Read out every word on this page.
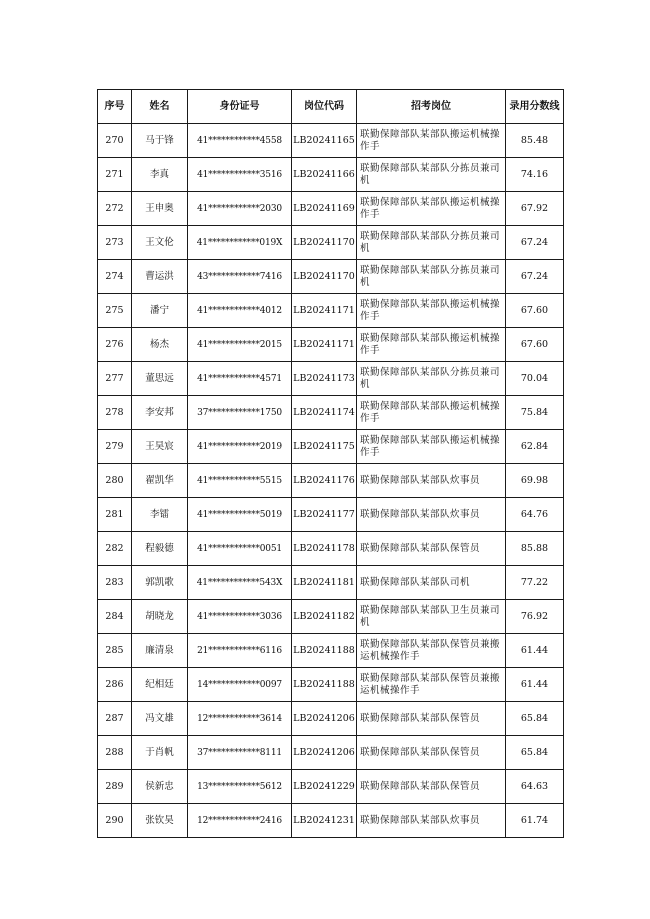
序号	姓名	身份证号	岗位代码	招考岗位	录用分数线
270	马于锋	41************4558	LB20241165	联勤保障部队某部队搬运机械操作手	85.48
271	李真	41************3516	LB20241166	联勤保障部队某部队分拣员兼司机	74.16
272	王申奥	41************2030	LB20241169	联勤保障部队某部队搬运机械操作手	67.92
273	王文伦	41************019X	LB20241170	联勤保障部队某部队分拣员兼司机	67.24
274	曹运洪	43************7416	LB20241170	联勤保障部队某部队分拣员兼司机	67.24
275	潘宁	41************4012	LB20241171	联勤保障部队某部队搬运机械操作手	67.60
276	杨杰	41************2015	LB20241171	联勤保障部队某部队搬运机械操作手	67.60
277	董思远	41************4571	LB20241173	联勤保障部队某部队分拣员兼司机	70.04
278	李安邦	37************1750	LB20241174	联勤保障部队某部队搬运机械操作手	75.84
279	王昊宸	41************2019	LB20241175	联勤保障部队某部队搬运机械操作手	62.84
280	翟凯华	41************5515	LB20241176	联勤保障部队某部队炊事员	69.98
281	李镭	41************5019	LB20241177	联勤保障部队某部队炊事员	64.76
282	程毅德	41************0051	LB20241178	联勤保障部队某部队保管员	85.88
283	郭凯歌	41************543X	LB20241181	联勤保障部队某部队司机	77.22
284	胡晓龙	41************3036	LB20241182	联勤保障部队某部队卫生员兼司机	76.92
285	廉清泉	21************6116	LB20241188	联勤保障部队某部队保管员兼搬运机械操作手	61.44
286	纪相廷	14************0097	LB20241188	联勤保障部队某部队保管员兼搬运机械操作手	61.44
287	冯文雄	12************3614	LB20241206	联勤保障部队某部队保管员	65.84
288	于肖帆	37************8111	LB20241206	联勤保障部队某部队保管员	65.84
289	侯新忠	13************5612	LB20241229	联勤保障部队某部队保管员	64.63
290	张钦昊	12************2416	LB20241231	联勤保障部队某部队炊事员	61.74
